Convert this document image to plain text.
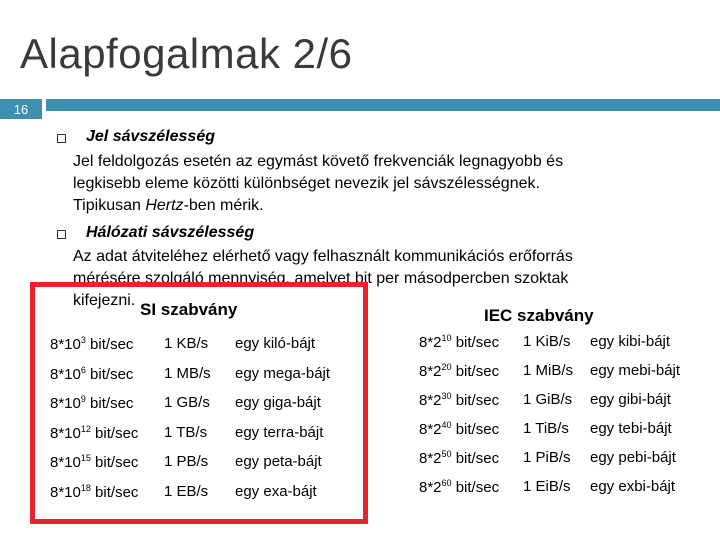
Alapfogalmak 2/6
16
Jel sávszélesség
Jel feldolgozás esetén az egymást követő frekvenciák legnagyobb és
legkisebb eleme közötti különbséget nevezik jel sávszélességnek.
Tipikusan Hertz-ben mérik.
Hálózati sávszélesség
Az adat átviteléhez elérhető vagy felhasznált kommunikációs erőforrás
mérésére szolgáló mennyiség, amelyet bit per másodpercben szoktak
kifejezni. SI szabvány	IEC szabvány
$8*10^3$ bit/sec 1 KB/s egy kiló-bájt
$8*10^6$ bit/sec 1 MB/s egy mega-bájt
$8*10^9$ bit/sec 1 GB/s egy giga-bájt
$8*10^{12}$ bit/sec 1 TB/s egy terra-bájt
$8*10^{15}$ bit/sec 1 PB/s egy peta-bájt
$8*10^{18}$ bit/sec 1 EB/s egy exa-bájt
$8*2^{10}$ bit/sec 1 KiB/s egy kibi-bájt
$8*2^{20}$ bit/sec 1 MiB/s egy mebi-bájt
$8*2^{30}$ bit/sec 1 GiB/s egy gibi-bájt
$8*2^{40}$ bit/sec 1 TiB/s egy tebi-bájt
$8*2^{50}$ bit/sec 1 PiB/s egy pebi-bájt
$8*2^{60}$ bit/sec 1 EiB/s egy exbi-bájt
